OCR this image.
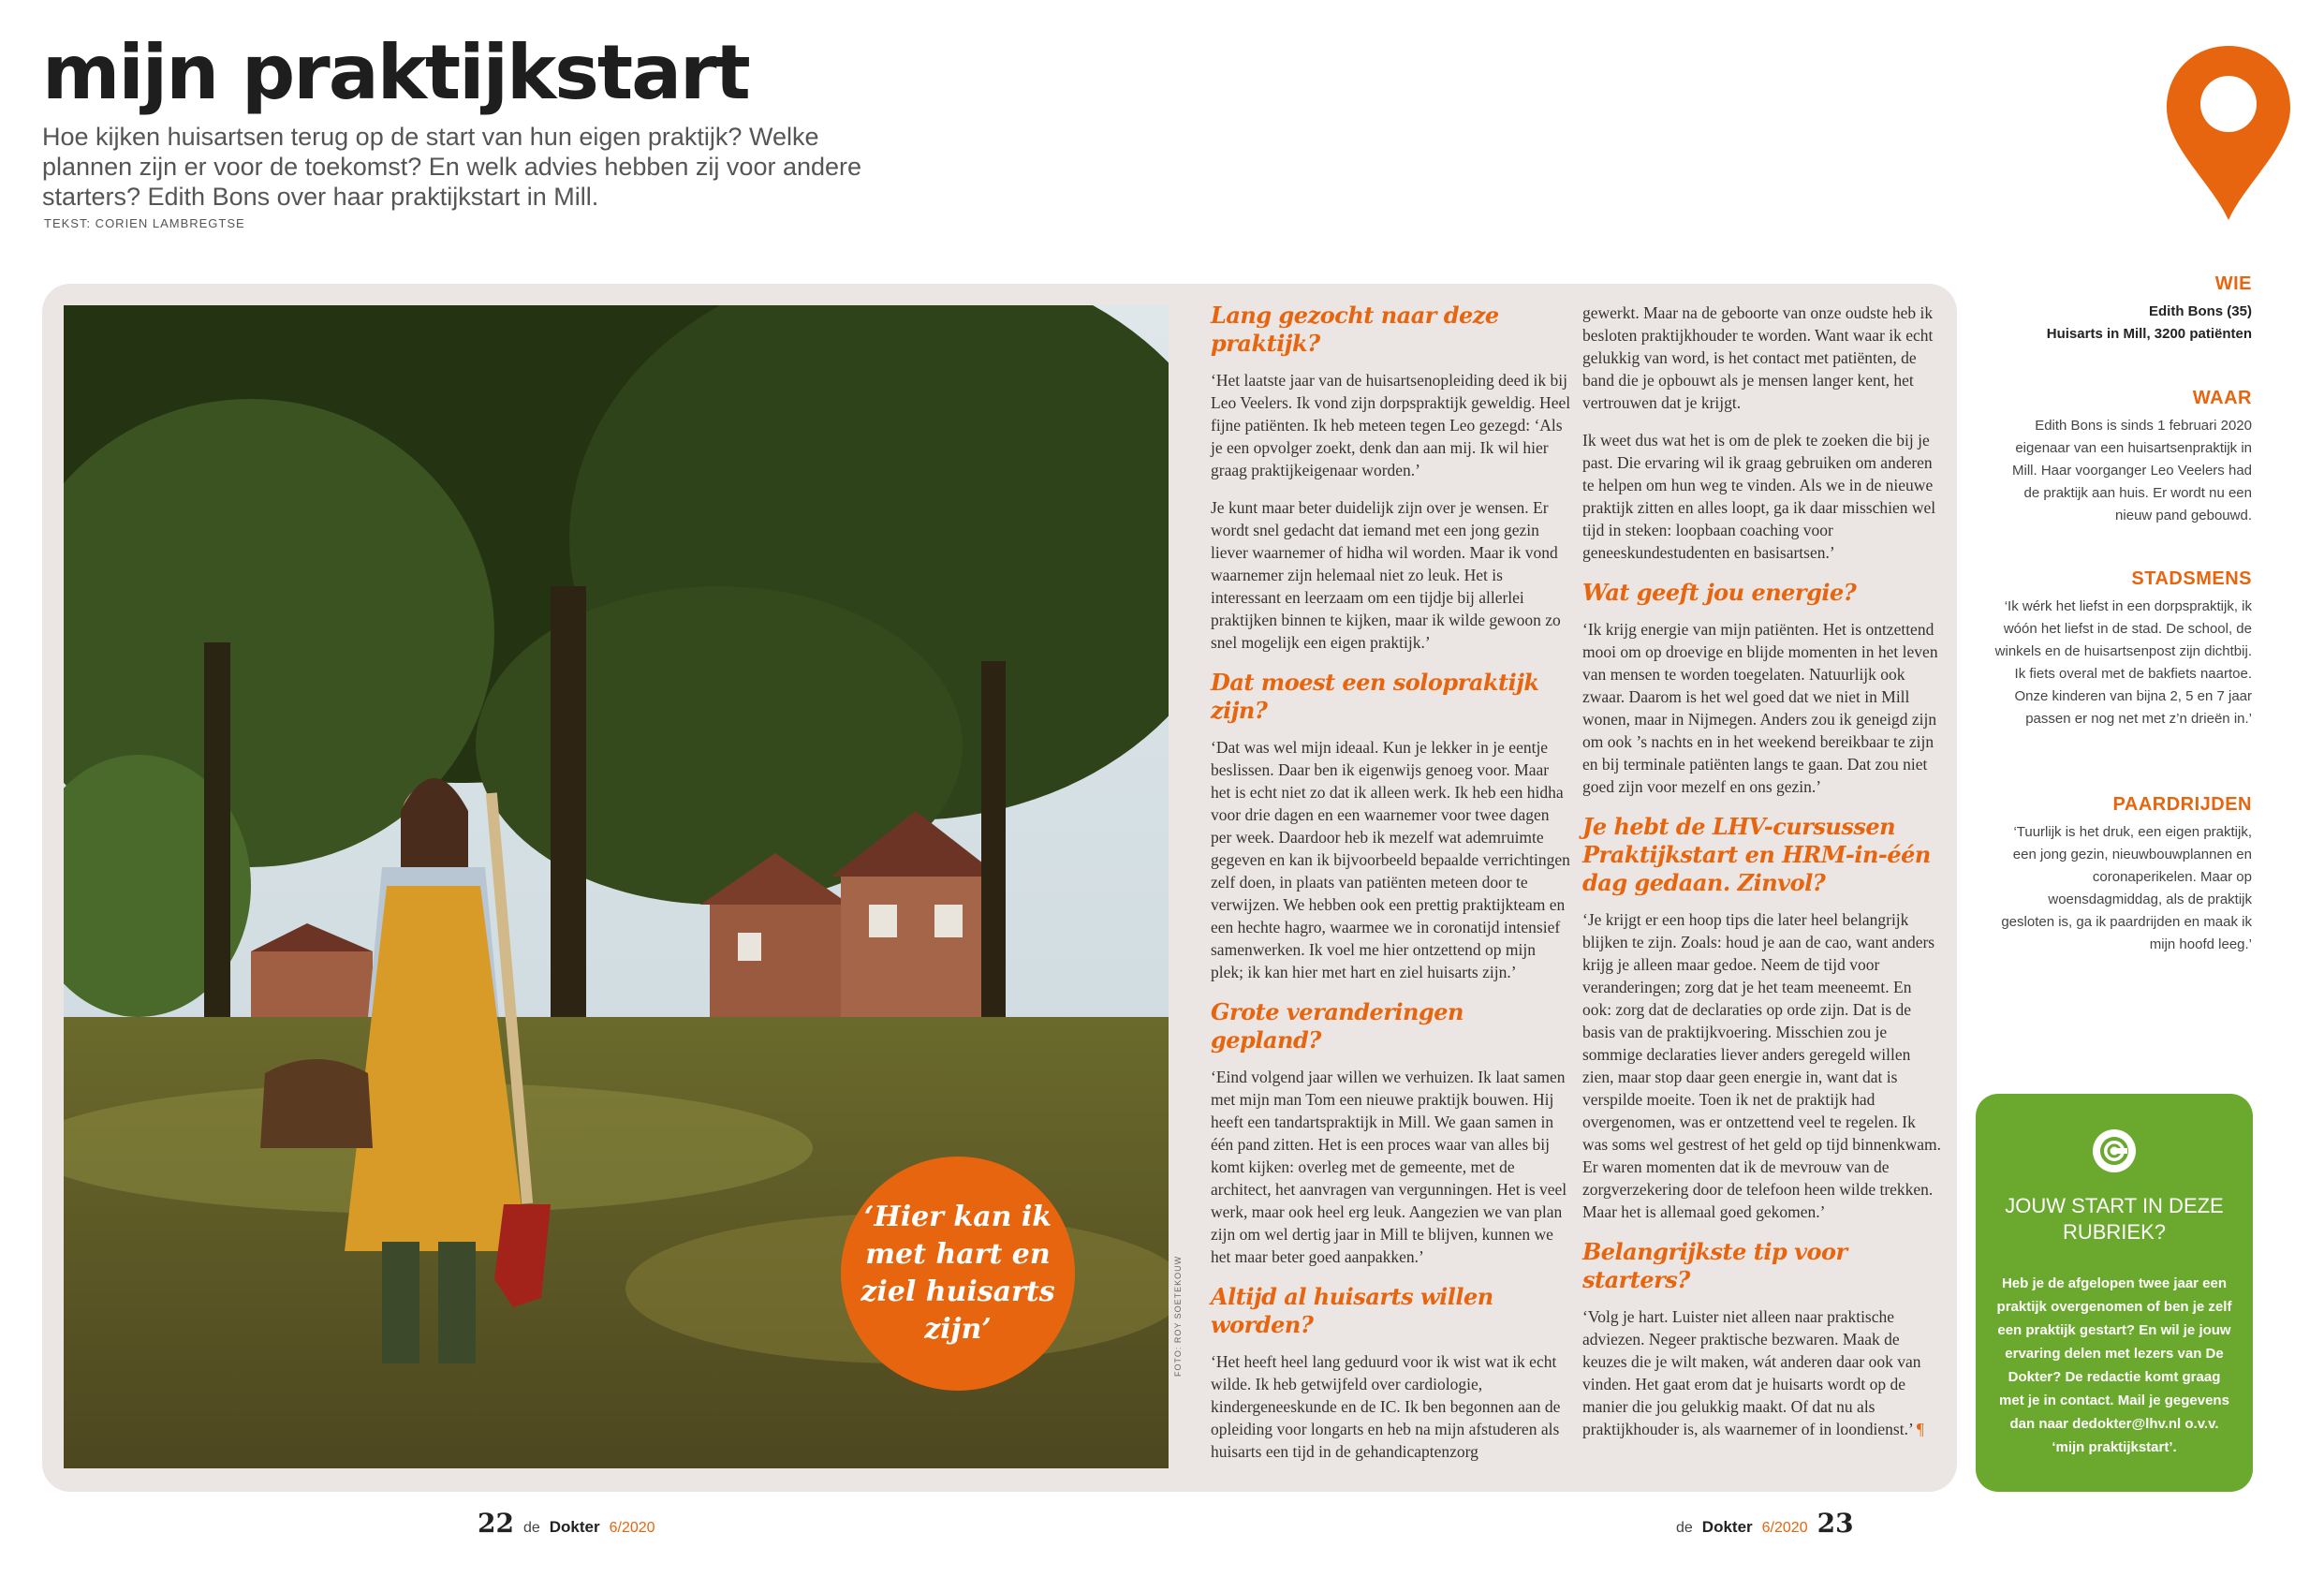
mijn praktijkstart

Hoe kijken huisartsen terug op de start van hun eigen praktijk? Welke plannen zijn er voor de toekomst? En welk advies hebben zij voor andere starters? Edith Bons over haar praktijkstart in Mill.

TEKST: CORIEN LAMBREGTSE
FOTO: ROY SOETEKOUW
‘Hier kan ik met hart en ziel huisarts zijn’
Lang gezocht naar deze praktijk?

‘Het laatste jaar van de huisartsenopleiding deed ik bij Leo Veelers. Ik vond zijn dorpspraktijk geweldig. Heel fijne patiënten. Ik heb meteen tegen Leo gezegd: ‘Als je een opvolger zoekt, denk dan aan mij. Ik wil hier graag praktijkeigenaar worden.’

Je kunt maar beter duidelijk zijn over je wensen. Er wordt snel gedacht dat iemand met een jong gezin liever waarnemer of hidha wil worden. Maar ik vond waarnemer zijn helemaal niet zo leuk. Het is interessant en leerzaam om een tijdje bij allerlei praktijken binnen te kijken, maar ik wilde gewoon zo snel mogelijk een eigen praktijk.’

Dat moest een solopraktijk zijn?

‘Dat was wel mijn ideaal. Kun je lekker in je eentje beslissen. Daar ben ik eigenwijs genoeg voor. Maar het is echt niet zo dat ik alleen werk. Ik heb een hidha voor drie dagen en een waarnemer voor twee dagen per week. Daardoor heb ik mezelf wat ademruimte gegeven en kan ik bijvoorbeeld bepaalde verrichtingen zelf doen, in plaats van patiënten meteen door te verwijzen. We hebben ook een prettig praktijkteam en een hechte hagro, waarmee we in coronatijd intensief samenwerken. Ik voel me hier ontzettend op mijn plek; ik kan hier met hart en ziel huisarts zijn.’

Grote veranderingen gepland?

‘Eind volgend jaar willen we verhuizen. Ik laat samen met mijn man Tom een nieuwe praktijk bouwen. Hij heeft een tandartspraktijk in Mill. We gaan samen in één pand zitten. Het is een proces waar van alles bij komt kijken: overleg met de gemeente, met de architect, het aanvragen van vergunningen. Het is veel werk, maar ook heel erg leuk. Aangezien we van plan zijn om wel dertig jaar in Mill te blijven, kunnen we het maar beter goed aanpakken.’

Altijd al huisarts willen worden?

‘Het heeft heel lang geduurd voor ik wist wat ik echt wilde. Ik heb getwijfeld over cardiologie, kindergeneeskunde en de IC. Ik ben begonnen aan de opleiding voor longarts en heb na mijn afstuderen als huisarts een tijd in de gehandicaptenzorg

gewerkt. Maar na de geboorte van onze oudste heb ik besloten praktijkhouder te worden. Want waar ik echt gelukkig van word, is het contact met patiënten, de band die je opbouwt als je mensen langer kent, het vertrouwen dat je krijgt.

Ik weet dus wat het is om de plek te zoeken die bij je past. Die ervaring wil ik graag gebruiken om anderen te helpen om hun weg te vinden. Als we in de nieuwe praktijk zitten en alles loopt, ga ik daar misschien wel tijd in steken: loopbaan coaching voor geneeskundestudenten en basisartsen.’

Wat geeft jou energie?

‘Ik krijg energie van mijn patiënten. Het is ontzettend mooi om op droevige en blijde momenten in het leven van mensen te worden toegelaten. Natuurlijk ook zwaar. Daarom is het wel goed dat we niet in Mill wonen, maar in Nijmegen. Anders zou ik geneigd zijn om ook ’s nachts en in het weekend bereikbaar te zijn en bij terminale patiënten langs te gaan. Dat zou niet goed zijn voor mezelf en ons gezin.’

Je hebt de LHV-cursussen Praktijkstart en HRM-in-één dag gedaan. Zinvol?

‘Je krijgt er een hoop tips die later heel belangrijk blijken te zijn. Zoals: houd je aan de cao, want anders krijg je alleen maar gedoe. Neem de tijd voor veranderingen; zorg dat je het team meeneemt. En ook: zorg dat de declaraties op orde zijn. Dat is de basis van de praktijkvoering. Misschien zou je sommige declaraties liever anders geregeld willen zien, maar stop daar geen energie in, want dat is verspilde moeite. Toen ik net de praktijk had overgenomen, was er ontzettend veel te regelen. Ik was soms wel gestrest of het geld op tijd binnenkwam. Er waren momenten dat ik de mevrouw van de zorgverzekering door de telefoon heen wilde trekken. Maar het is allemaal goed gekomen.’

Belangrijkste tip voor starters?

‘Volg je hart. Luister niet alleen naar praktische adviezen. Negeer praktische bezwaren. Maak de keuzes die je wilt maken, wát anderen daar ook van vinden. Het gaat erom dat je huisarts wordt op de manier die jou gelukkig maakt. Of dat nu als praktijkhouder is, als waarnemer of in loondienst.’ ¶

WIE

Edith Bons (35)

Huisarts in Mill, 3200 patiënten

WAAR

Edith Bons is sinds 1 februari 2020 eigenaar van een huisartsenpraktijk in Mill. Haar voorganger Leo Veelers had de praktijk aan huis. Er wordt nu een nieuw pand gebouwd.

STADSMENS

‘Ik wérk het liefst in een dorpspraktijk, ik wóón het liefst in de stad. De school, de winkels en de huisartsenpost zijn dichtbij. Ik fiets overal met de bakfiets naartoe. Onze kinderen van bijna 2, 5 en 7 jaar passen er nog net met z’n drieën in.’

PAARDRIJDEN

‘Tuurlijk is het druk, een eigen praktijk, een jong gezin, nieuwbouwplannen en coronaperikelen. Maar op woensdagmiddag, als de praktijk gesloten is, ga ik paardrijden en maak ik mijn hoofd leeg.’

JOUW START IN DEZE RUBRIEK?

Heb je de afgelopen twee jaar een praktijk overgenomen of ben je zelf een praktijk gestart? En wil je jouw ervaring delen met lezers van De Dokter? De redactie komt graag met je in contact. Mail je gegevens dan naar dedokter@lhv.nl o.v.v. ‘mijn praktijkstart’.

22 de Dokter 6/2020	de Dokter 6/2020 23
